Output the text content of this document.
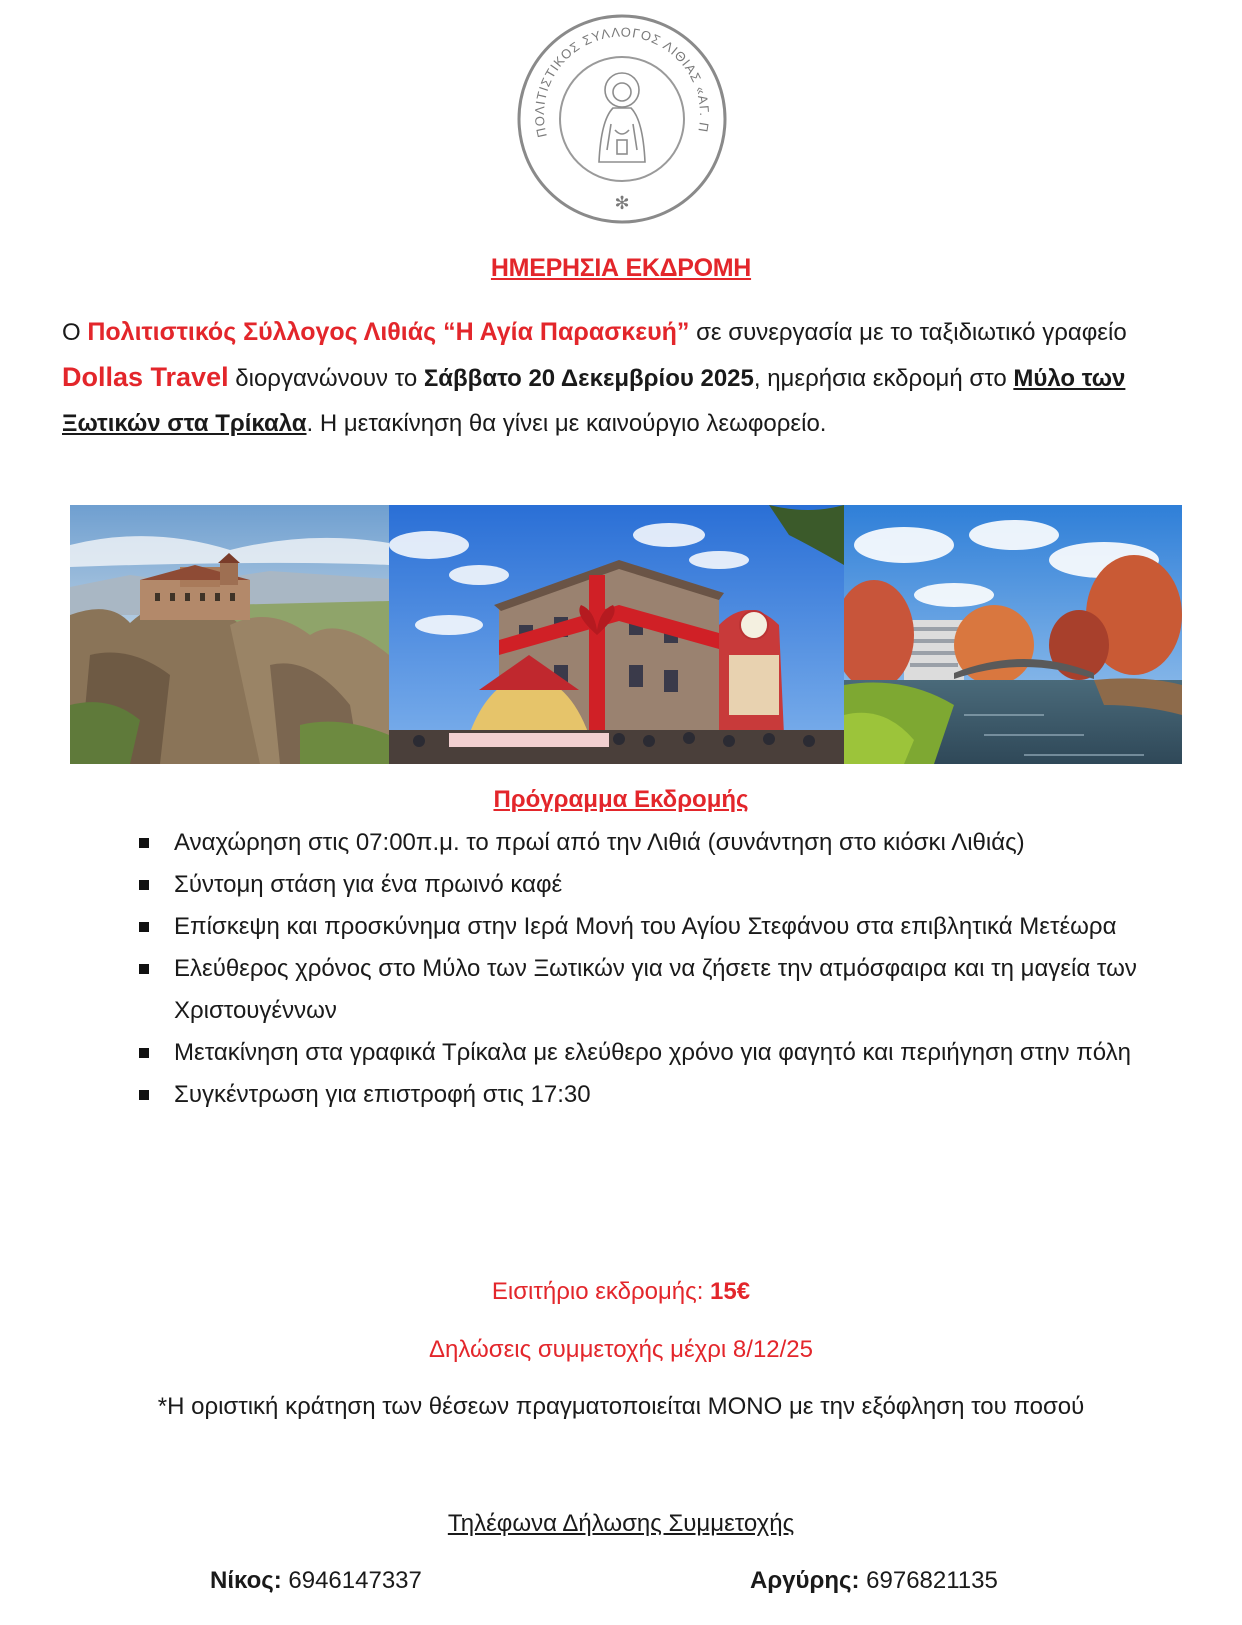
ΠΟΛΙΤΙΣΤΙΚΟΣ ΣΥΛΛΟΓΟΣ ΛΙΘΙΑΣ «ΑΓ. Π
✻
ΗΜΕΡΗΣΙΑ ΕΚΔΡΟΜΗ
Ο Πολιτιστικός Σύλλογος Λιθιάς “Η Αγία Παρασκευή” σε συνεργασία με το ταξιδιωτικό γραφείο Dollas Travel διοργανώνουν το Σάββατο 20 Δεκεμβρίου 2025, ημερήσια εκδρομή στο Μύλο των Ξωτικών στα Τρίκαλα. Η μετακίνηση θα γίνει με καινούργιο λεωφορείο.
Πρόγραμμα Εκδρομής
Αναχώρηση στις 07:00π.μ. το πρωί από την Λιθιά (συνάντηση στο κιόσκι Λιθιάς)
Σύντομη στάση για ένα πρωινό καφέ
Επίσκεψη και προσκύνημα στην Ιερά Μονή του Αγίου Στεφάνου στα επιβλητικά Μετέωρα
Ελεύθερος χρόνος στο Μύλο των Ξωτικών για να ζήσετε την ατμόσφαιρα και τη μαγεία των Χριστουγέννων
Μετακίνηση στα γραφικά Τρίκαλα με ελεύθερο χρόνο για φαγητό και περιήγηση στην πόλη
Συγκέντρωση για επιστροφή στις 17:30
Εισιτήριο εκδρομής: 15€
Δηλώσεις συμμετοχής μέχρι 8/12/25
*Η οριστική κράτηση των θέσεων πραγματοποιείται ΜΟΝΟ με την εξόφληση του ποσού
Τηλέφωνα Δήλωσης Συμμετοχής
Νίκος: 6946147337	Αργύρης: 6976821135
